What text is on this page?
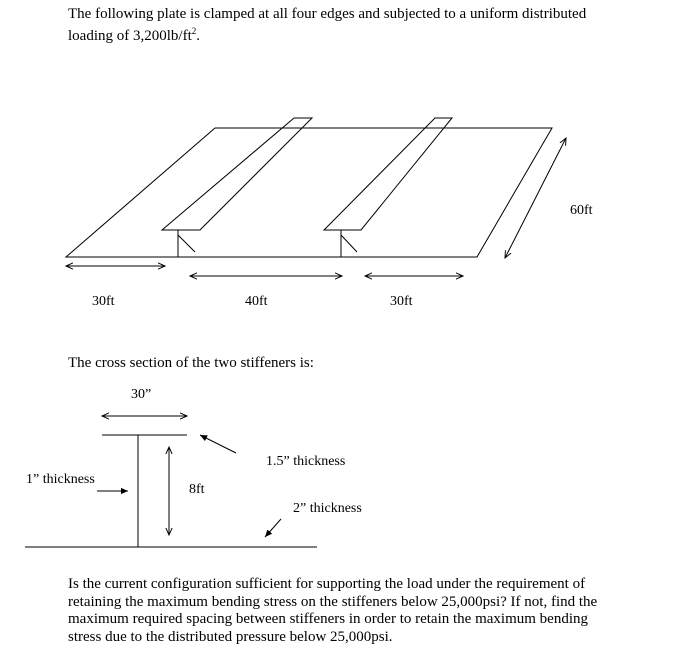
The following plate is clamped at all four edges and subjected to a uniform distributed
loading of $3,200lb/ft^2$.
30ft	40ft	30ft
60ft
30”
1.5” thickness
1” thickness
8ft
2” thickness
The cross section of the two stiffeners is:
Is the current configuration sufficient for supporting the load under the requirement of
retaining the maximum bending stress on the stiffeners below 25,000psi? If not, find the
maximum required spacing between stiffeners in order to retain the maximum bending
stress due to the distributed pressure below 25,000psi.
